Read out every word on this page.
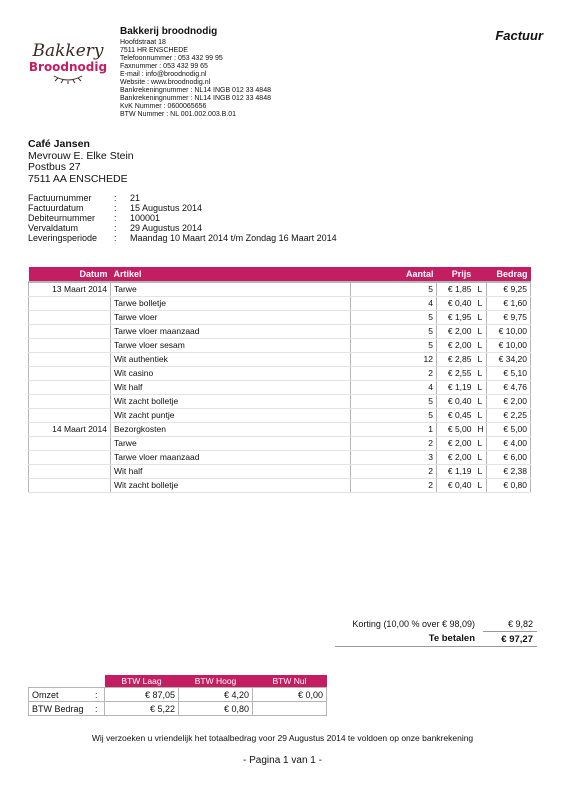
Bakkery
Broodnodig
Bakkerij broodnodig
Hoofdstraat 18
7511 HR ENSCHEDE
Telefoonnummer : 053 432 99 95
Faxnummer : 053 432 99 65
E-mail : info@broodnodig.nl
Website : www.broodnodig.nl
Bankrekeningnummer : NL14 INGB 012 33 4848
Bankrekeningnummer : NL14 INGB 012 33 4848
KvK Nummer : 0600065656
BTW Nummer : NL 001.002.003.B.01
Factuur
Café Jansen
Mevrouw E. Elke Stein
Postbus 27
7511 AA ENSCHEDE
Factuurnummer	:	21
Factuurdatum	:	15 Augustus 2014
Debiteurnummer	:	100001
Vervaldatum	:	29 Augustus 2014
Leveringsperiode	:	Maandag 10 Maart 2014 t/m Zondag 16 Maart 2014
Datum	Artikel	Aantal	Prijs		Bedrag
13 Maart 2014	Tarwe	5	€ 1,85	L	€ 9,25
	Tarwe bolletje	4	€ 0,40	L	€ 1,60
	Tarwe vloer	5	€ 1,95	L	€ 9,75
	Tarwe vloer maanzaad	5	€ 2,00	L	€ 10,00
	Tarwe vloer sesam	5	€ 2,00	L	€ 10,00
	Wit authentiek	12	€ 2,85	L	€ 34,20
	Wit casino	2	€ 2,55	L	€ 5,10
	Wit half	4	€ 1,19	L	€ 4,76
	Wit zacht bolletje	5	€ 0,40	L	€ 2,00
	Wit zacht puntje	5	€ 0,45	L	€ 2,25
14 Maart 2014	Bezorgkosten	1	€ 5,00	H	€ 5,00
	Tarwe	2	€ 2,00	L	€ 4,00
	Tarwe vloer maanzaad	3	€ 2,00	L	€ 6,00
	Wit half	2	€ 1,19	L	€ 2,38
	Wit zacht bolletje	2	€ 0,40	L	€ 0,80
Korting (10,00 % over € 98,09)	€ 9,82
Te betalen	€ 97,27
		BTW Laag	BTW Hoog	BTW Nul
Omzet	:	€ 87,05	€ 4,20	€ 0,00
BTW Bedrag	:	€ 5,22	€ 0,80	
Wij verzoeken u vriendelijk het totaalbedrag voor 29 Augustus 2014 te voldoen op onze bankrekening
- Pagina 1 van 1 -
